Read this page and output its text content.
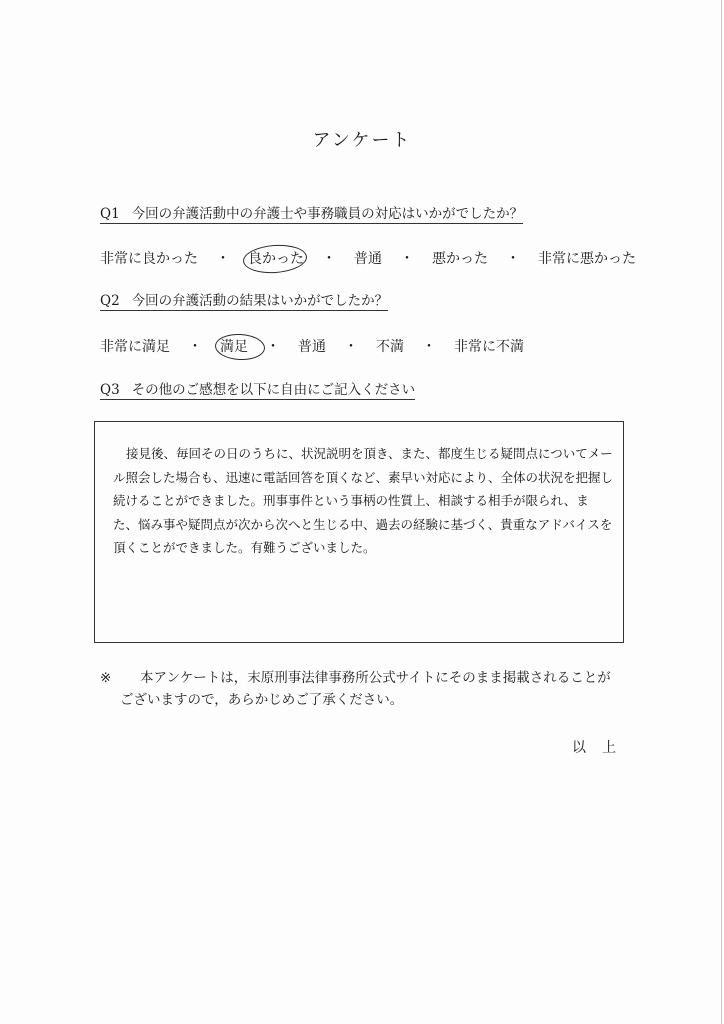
アンケート
Q1 今回の弁護活動中の弁護士や事務職員の対応はいかがでしたか？
非常に良かった ・ 良かった ・ 普通 ・ 悪かった ・ 非常に悪かった
Q2 今回の弁護活動の結果はいかがでしたか？
非常に満足 ・ 満足 ・ 普通 ・ 不満 ・ 非常に不満
Q3 その他のご感想を以下に自由にご記入ください

接見後、毎回その日のうちに、状況説明を頂き、また、都度生じる疑問点についてメール照会した場合も、迅速に電話回答を頂くなど、素早い対応により、全体の状況を把握し続けることができました。刑事事件という事柄の性質上、相談する相手が限られ、また、悩み事や疑問点が次から次へと生じる中、過去の経験に基づく、貴重なアドバイスを頂くことができました。有難うございました。

※	本アンケートは，末原刑事法律事務所公式サイトにそのまま掲載されることがございますので，あらかじめご了承ください。

以上
